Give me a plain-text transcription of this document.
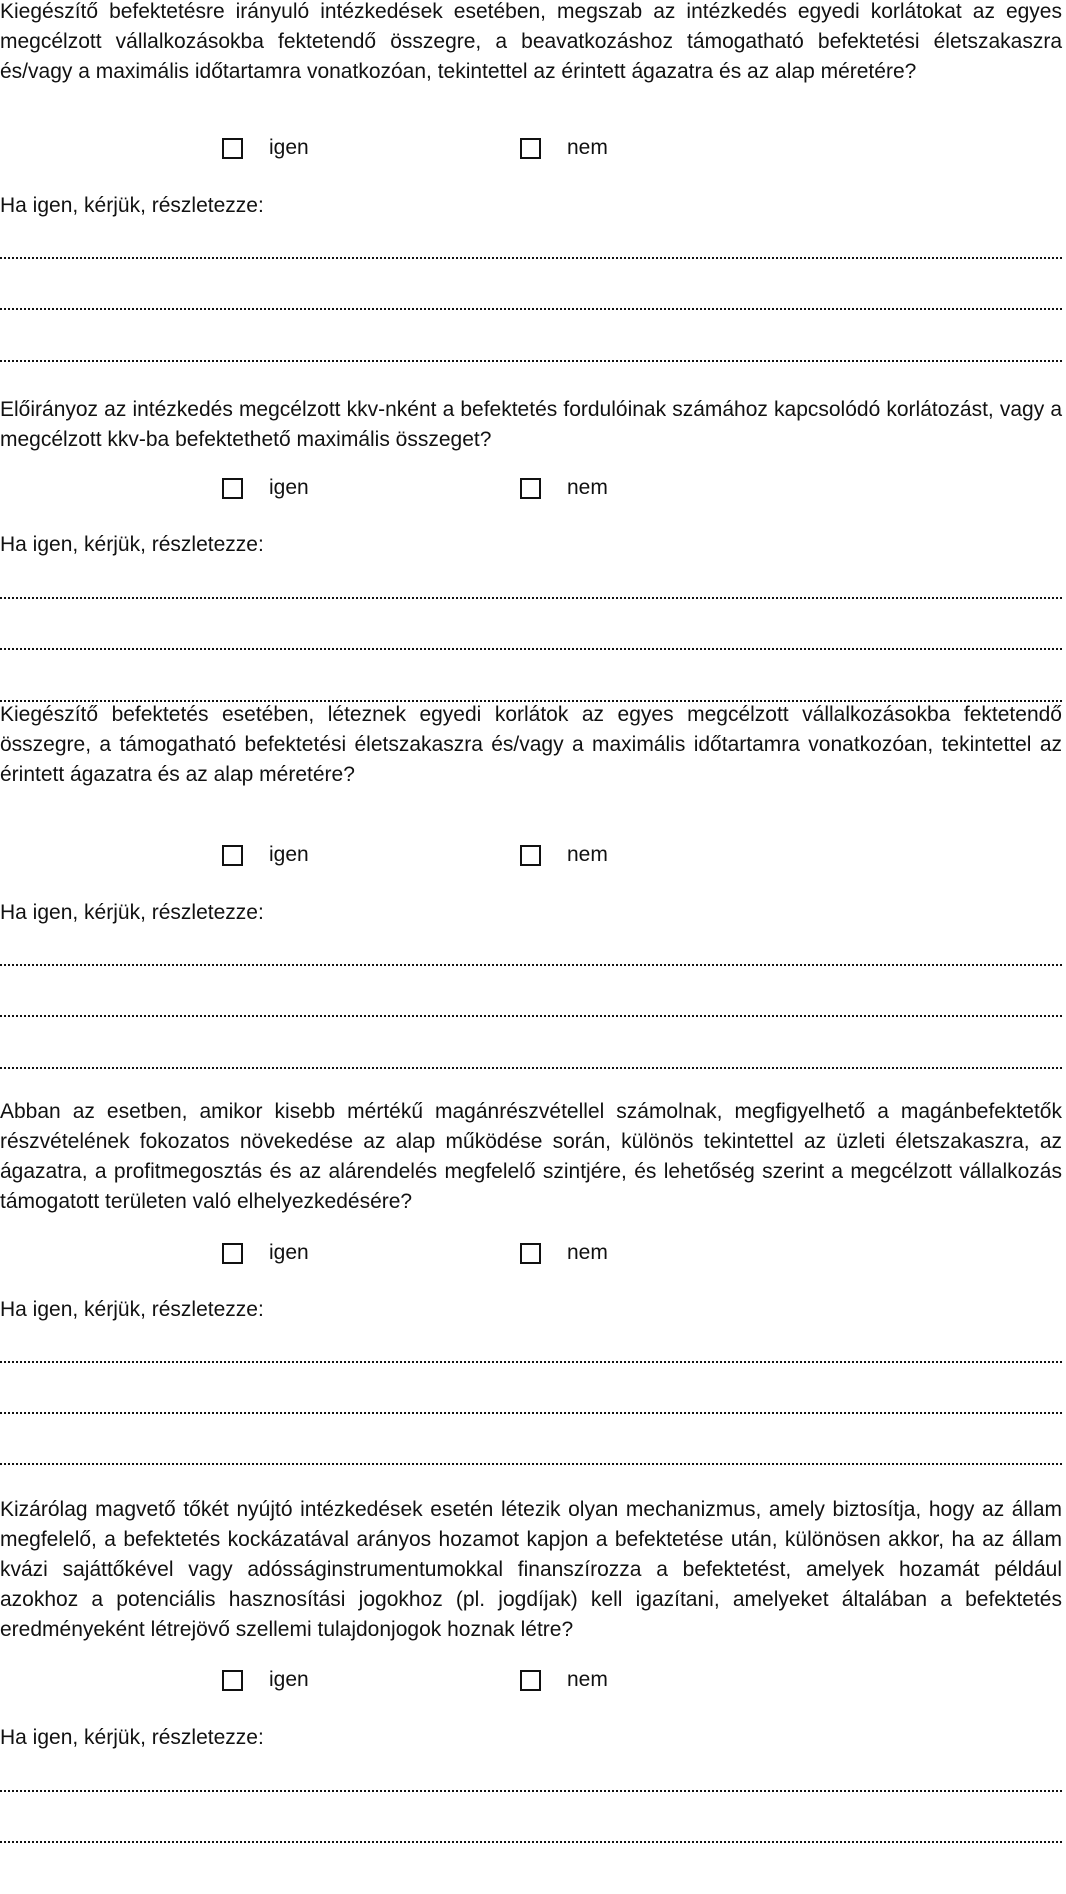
Kiegészítő befektetésre irányuló intézkedések esetében, megszab az intézkedés egyedi korlátokat az egyes megcélzott vállalkozásokba fektetendő összegre, a beavatkozáshoz támogatható befektetési életszakaszra és/vagy a maximális időtartamra vonatkozóan, tekintettel az érintett ágazatra és az alap méretére?

igen	nem

Ha igen, kérjük, részletezze:

Előirányoz az intézkedés megcélzott kkv-nként a befektetés fordulóinak számához kapcsolódó korlátozást, vagy a megcélzott kkv-ba befektethető maximális összeget?

igen	nem

Ha igen, kérjük, részletezze:

Kiegészítő befektetés esetében, léteznek egyedi korlátok az egyes megcélzott vállalkozásokba fektetendő összegre, a támogatható befektetési életszakaszra és/vagy a maximális időtartamra vonatkozóan, tekintettel az érintett ágazatra és az alap méretére?

igen	nem

Ha igen, kérjük, részletezze:

Abban az esetben, amikor kisebb mértékű magánrészvétellel számolnak, megfigyelhető a magánbefektetők részvételének fokozatos növekedése az alap működése során, különös tekintettel az üzleti életszakaszra, az ágazatra, a profitmegosztás és az alárendelés megfelelő szintjére, és lehetőség szerint a megcélzott vállalkozás támogatott területen való elhelyezkedésére?

igen	nem

Ha igen, kérjük, részletezze:

Kizárólag magvető tőkét nyújtó intézkedések esetén létezik olyan mechanizmus, amely biztosítja, hogy az állam megfelelő, a befektetés kockázatával arányos hozamot kapjon a befektetése után, különösen akkor, ha az állam kvázi sajáttőkével vagy adósságinstrumentumokkal finanszírozza a befektetést, amelyek hozamát például azokhoz a potenciális hasznosítási jogokhoz (pl. jogdíjak) kell igazítani, amelyeket általában a befektetés eredményeként létrejövő szellemi tulajdonjogok hoznak létre?

igen	nem

Ha igen, kérjük, részletezze:
